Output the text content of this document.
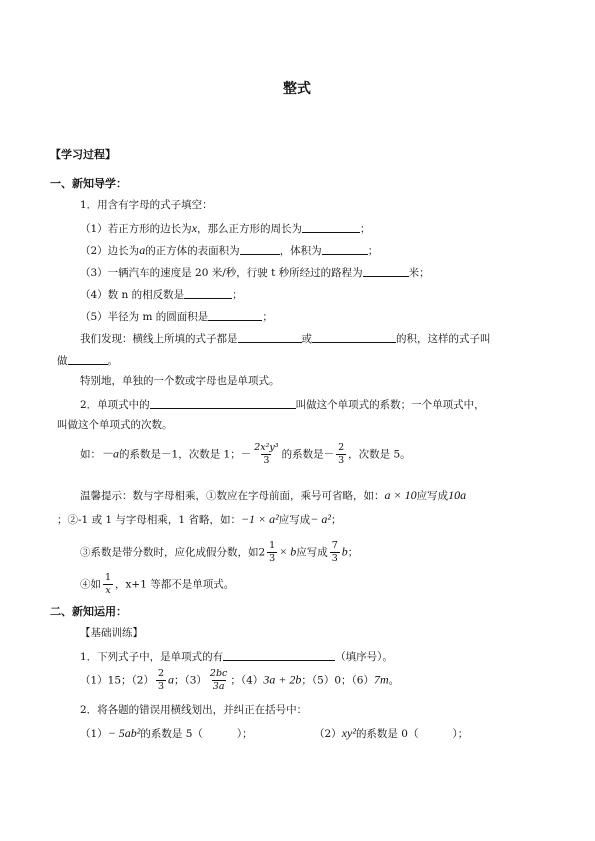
整式
【学习过程】
一、新知导学：
1．用含有字母的式子填空：
（1）若正方形的边长为x，那么正方形的周长为	；
（2）边长为a的正方体的表面积为	，体积为	；
（3）一辆汽车的速度是 20 米/秒，行驶 t 秒所经过的路程为	米；
（4）数 n 的相反数是	；
（5）半径为 m 的圆面积是	；
我们发现：横线上所填的式子都是	或	的积，这样的式子叫
做	。
特别地，单独的一个数或字母也是单项式。
2．单项式中的	叫做这个单项式的系数；一个单项式中，
叫做这个单项式的次数。
如：－a的系数是－1，次数是 1；－ $\frac{\text{2x²y³}}{3}$ 的系数是－ $\frac{2}{3}$ ，次数是 5。
温馨提示：数与字母相乘，①数应在字母前面，乘号可省略，如：a × 10应写成10a
；②-1 或 1 与字母相乘，1 省略，如：−1 × a²应写成− a²；
③系数是带分数时，应化成假分数，如$2 \frac{1}{3} \times b$应写成 $\frac{7}{3}$ b；
④如 $\frac{1}{x}$ ，x+1 等都不是单项式。
二、新知运用：
【基础训练】
1．下列式子中，是单项式的有	（填序号）。
（1）15；$(2) \frac{2}{3}$ a；$(3) \frac{2bc}{3a}$ ；（4）3a + 2b；（5）0；（6）7m。
2．将各题的错误用横线划出，并纠正在括号中：
（1）− 5ab²的系数是 5（	）；	（2）xy²的系数是 0（	）；
